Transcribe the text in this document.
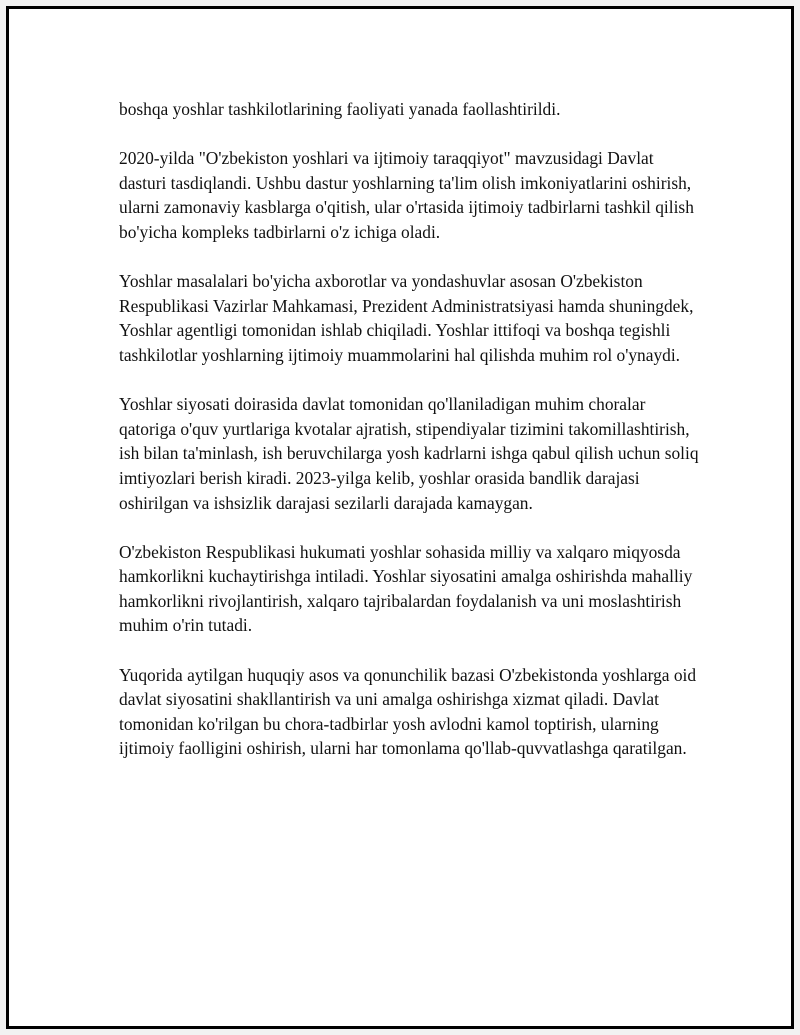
boshqa yoshlar tashkilotlarining faoliyati yanada faollashtirildi.

2020-yilda "O'zbekiston yoshlari va ijtimoiy taraqqiyot" mavzusidagi Davlat dasturi tasdiqlandi. Ushbu dastur yoshlarning ta'lim olish imkoniyatlarini oshirish, ularni zamonaviy kasblarga o'qitish, ular o'rtasida ijtimoiy tadbirlarni tashkil qilish bo'yicha kompleks tadbirlarni o'z ichiga oladi.

Yoshlar masalalari bo'yicha axborotlar va yondashuvlar asosan O'zbekiston Respublikasi Vazirlar Mahkamasi, Prezident Administratsiyasi hamda shuningdek, Yoshlar agentligi tomonidan ishlab chiqiladi. Yoshlar ittifoqi va boshqa tegishli tashkilotlar yoshlarning ijtimoiy muammolarini hal qilishda muhim rol o'ynaydi.

Yoshlar siyosati doirasida davlat tomonidan qo'llaniladigan muhim choralar qatoriga o'quv yurtlariga kvotalar ajratish, stipendiyalar tizimini takomillashtirish, ish bilan ta'minlash, ish beruvchilarga yosh kadrlarni ishga qabul qilish uchun soliq imtiyozlari berish kiradi. 2023-yilga kelib, yoshlar orasida bandlik darajasi oshirilgan va ishsizlik darajasi sezilarli darajada kamaygan.

O'zbekiston Respublikasi hukumati yoshlar sohasida milliy va xalqaro miqyosda hamkorlikni kuchaytirishga intiladi. Yoshlar siyosatini amalga oshirishda mahalliy hamkorlikni rivojlantirish, xalqaro tajribalardan foydalanish va uni moslashtirish muhim o'rin tutadi.

Yuqorida aytilgan huquqiy asos va qonunchilik bazasi O'zbekistonda yoshlarga oid davlat siyosatini shakllantirish va uni amalga oshirishga xizmat qiladi. Davlat tomonidan ko'rilgan bu chora-tadbirlar yosh avlodni kamol toptirish, ularning ijtimoiy faolligini oshirish, ularni har tomonlama qo'llab-quvvatlashga qaratilgan.
